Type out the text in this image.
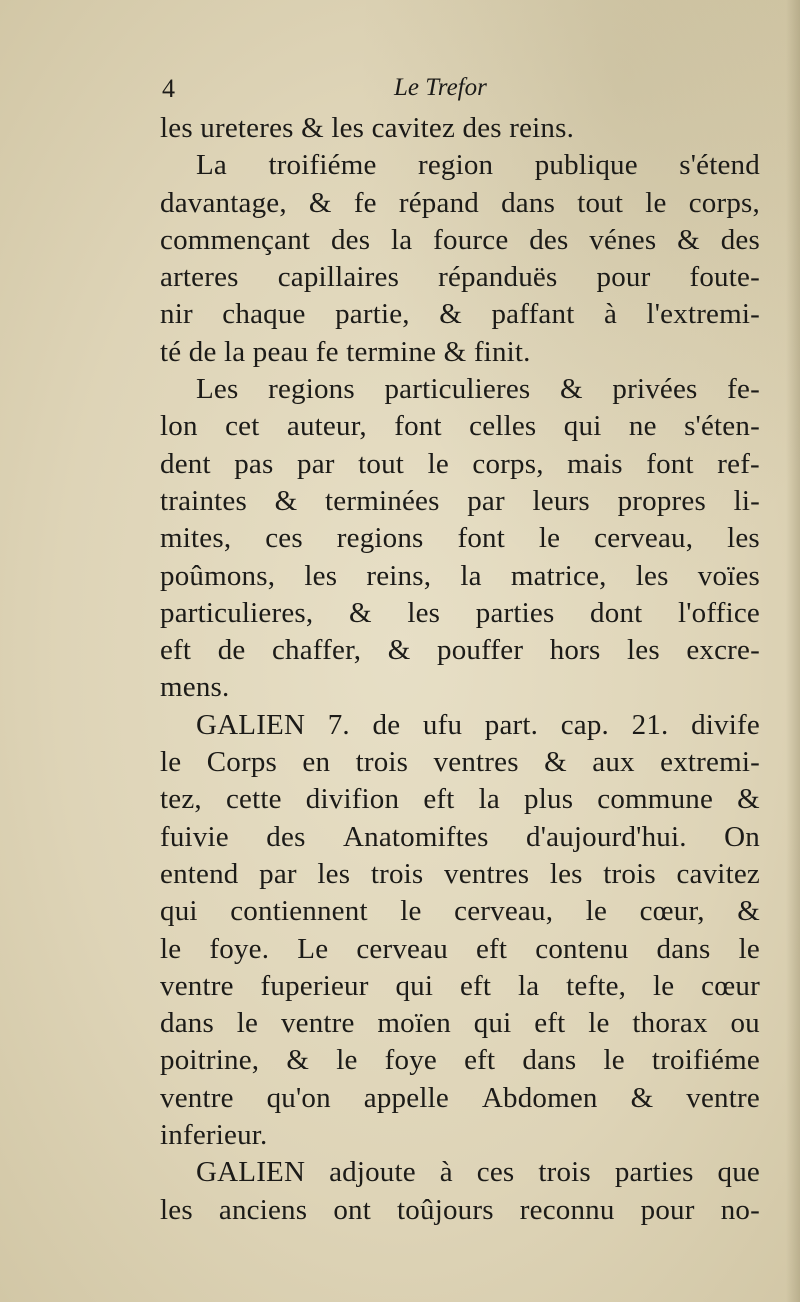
4	Le Trefor
les ureteres & les cavitez des reins.
La troifiéme region publique s'étend
davantage, & fe répand dans tout le corps,
commençant des la fource des vénes & des
arteres capillaires répanduës pour foute-
nir chaque partie, & paffant à l'extremi-
té de la peau fe termine & finit.
Les regions particulieres & privées fe-
lon cet auteur, font celles qui ne s'éten-
dent pas par tout le corps, mais font ref-
traintes & terminées par leurs propres li-
mites, ces regions font le cerveau, les
poûmons, les reins, la matrice, les voïes
particulieres, & les parties dont l'office
eft de chaffer, & pouffer hors les excre-
mens.
GALIEN 7. de ufu part. cap. 21. divife
le Corps en trois ventres & aux extremi-
tez, cette divifion eft la plus commune &
fuivie des Anatomiftes d'aujourd'hui. On
entend par les trois ventres les trois cavitez
qui contiennent le cerveau, le cœur, &
le foye. Le cerveau eft contenu dans le
ventre fuperieur qui eft la tefte, le cœur
dans le ventre moïen qui eft le thorax ou
poitrine, & le foye eft dans le troifiéme
ventre qu'on appelle Abdomen & ventre
inferieur.
GALIEN adjoute à ces trois parties que
les anciens ont toûjours reconnu pour no-
